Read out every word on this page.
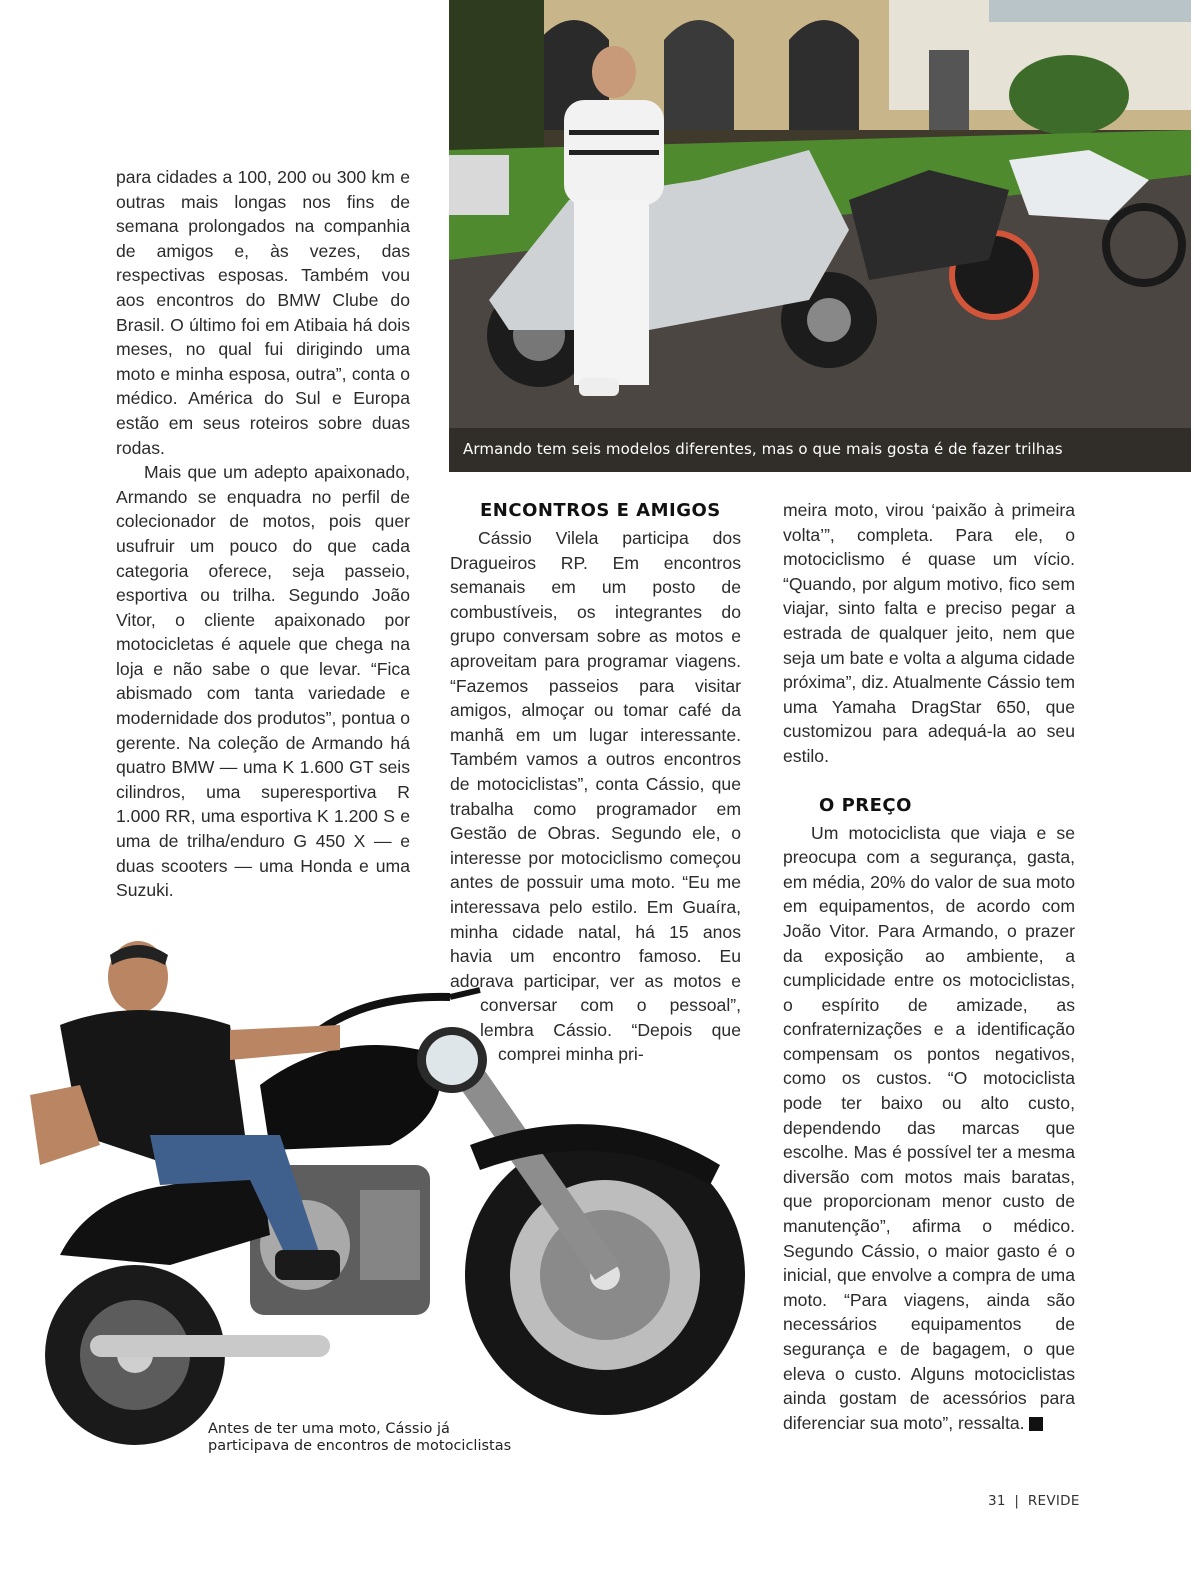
Armando tem seis modelos diferentes, mas o que mais gosta é de fazer trilhas

para cidades a 100, 200 ou 300 km e outras mais longas nos fins de semana prolongados na companhia de amigos e, às vezes, das respectivas esposas. Também vou aos encontros do BMW Clube do Brasil. O último foi em Atibaia há dois meses, no qual fui dirigindo uma moto e minha esposa, outra”, conta o médico. América do Sul e Europa estão em seus roteiros sobre duas rodas.

Mais que um adepto apaixonado, Armando se enquadra no perfil de colecionador de motos, pois quer usufruir um pouco do que cada categoria oferece, seja passeio, esportiva ou trilha. Segundo João Vitor, o cliente apaixonado por motocicletas é aquele que chega na loja e não sabe o que levar. “Fica abismado com tanta variedade e modernidade dos produtos”, pontua o gerente. Na coleção de Armando há quatro BMW — uma K 1.600 GT seis cilindros, uma superesportiva R 1.000 RR, uma esportiva K 1.200 S e uma de trilha/enduro G 450 X — e duas scooters — uma Honda e uma Suzuki.

ENCONTROS E AMIGOS

Cássio Vilela participa dos Dragueiros RP. Em encontros semanais em um posto de combustíveis, os integrantes do grupo conversam sobre as motos e aproveitam para programar viagens. “Fazemos passeios para visitar amigos, almoçar ou tomar café da manhã em um lugar interessante. Também vamos a outros encontros de motociclistas”, conta Cássio, que trabalha como programador em Gestão de Obras. Segundo ele, o interesse por motociclismo começou antes de possuir uma moto. “Eu me interessava pelo estilo. Em Guaíra, minha cidade natal, há 15 anos havia um encontro famoso. Eu adorava participar, ver as motos e conversar com o pessoal”, lembra Cássio. “Depois que comprei minha pri-

meira moto, virou ‘paixão à primeira volta’”, completa. Para ele, o motociclismo é quase um vício. “Quando, por algum motivo, fico sem viajar, sinto falta e preciso pegar a estrada de qualquer jeito, nem que seja um bate e volta a alguma cidade próxima”, diz. Atualmente Cássio tem uma Yamaha DragStar 650, que customizou para adequá-la ao seu estilo.

O PREÇO

Um motociclista que viaja e se preocupa com a segurança, gasta, em média, 20% do valor de sua moto em equipamentos, de acordo com João Vitor. Para Armando, o prazer da exposição ao ambiente, a cumplicidade entre os motociclistas, o espírito de amizade, as confraternizações e a identificação compensam os pontos negativos, como os custos. “O motociclista pode ter baixo ou alto custo, dependendo das marcas que escolhe. Mas é possível ter a mesma diversão com motos mais baratas, que proporcionam menor custo de manutenção”, afirma o médico. Segundo Cássio, o maior gasto é o inicial, que envolve a compra de uma moto. “Para viagens, ainda são necessários equipamentos de segurança e de bagagem, o que eleva o custo. Alguns motociclistas ainda gostam de acessórios para diferenciar sua moto”, ressalta.	r

Antes de ter uma moto, Cássio já
participava de encontros de motociclistas
31 | REVIDE
